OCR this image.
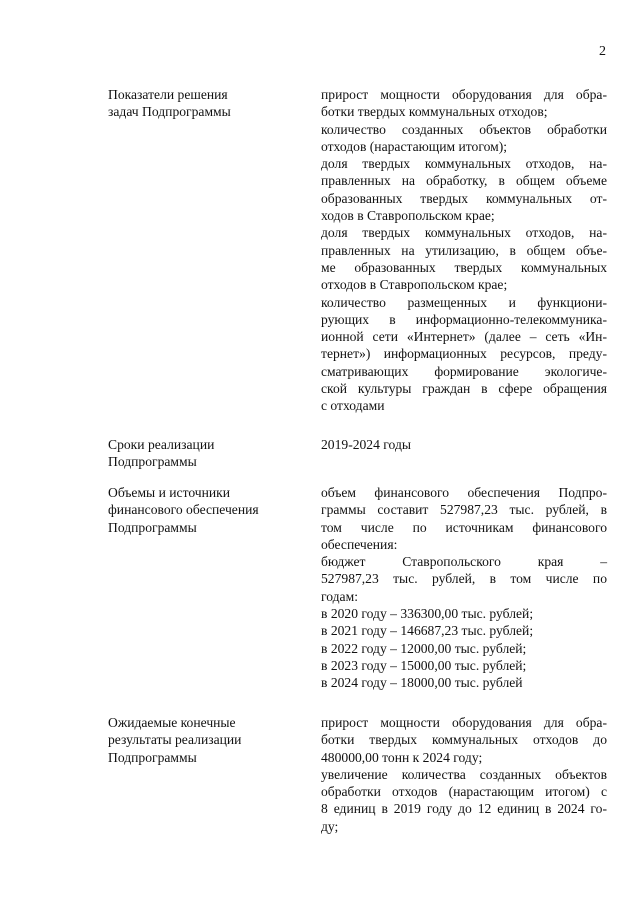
2
Показатели решения
задач Подпрограммы
прирост мощности оборудования для обра-
ботки твердых коммунальных отходов;
количество созданных объектов обработки
отходов (нарастающим итогом);
доля твердых коммунальных отходов, на-
правленных на обработку, в общем объеме
образованных твердых коммунальных от-
ходов в Ставропольском крае;
доля твердых коммунальных отходов, на-
правленных на утилизацию, в общем объе-
ме образованных твердых коммунальных
отходов в Ставропольском крае;
количество размещенных и функциони-
рующих в информационно-телекоммуника-
ионной сети «Интернет» (далее – сеть «Ин-
тернет») информационных ресурсов, преду-
сматривающих формирование экологиче-
ской культуры граждан в сфере обращения
с отходами
Сроки реализации
Подпрограммы
2019-2024 годы
Объемы и источники
финансового обеспечения
Подпрограммы
объем финансового обеспечения Подпро-
граммы составит 527987,23 тыс. рублей, в
том числе по источникам финансового
обеспечения:
бюджет Ставропольского края –
527987,23 тыс. рублей, в том числе по
годам:
в 2020 году – 336300,00 тыс. рублей;
в 2021 году – 146687,23 тыс. рублей;
в 2022 году – 12000,00 тыс. рублей;
в 2023 году – 15000,00 тыс. рублей;
в 2024 году – 18000,00 тыс. рублей
Ожидаемые конечные
результаты реализации
Подпрограммы
прирост мощности оборудования для обра-
ботки твердых коммунальных отходов до
480000,00 тонн к 2024 году;
увеличение количества созданных объектов
обработки отходов (нарастающим итогом) с
8 единиц в 2019 году до 12 единиц в 2024 го-
ду;
